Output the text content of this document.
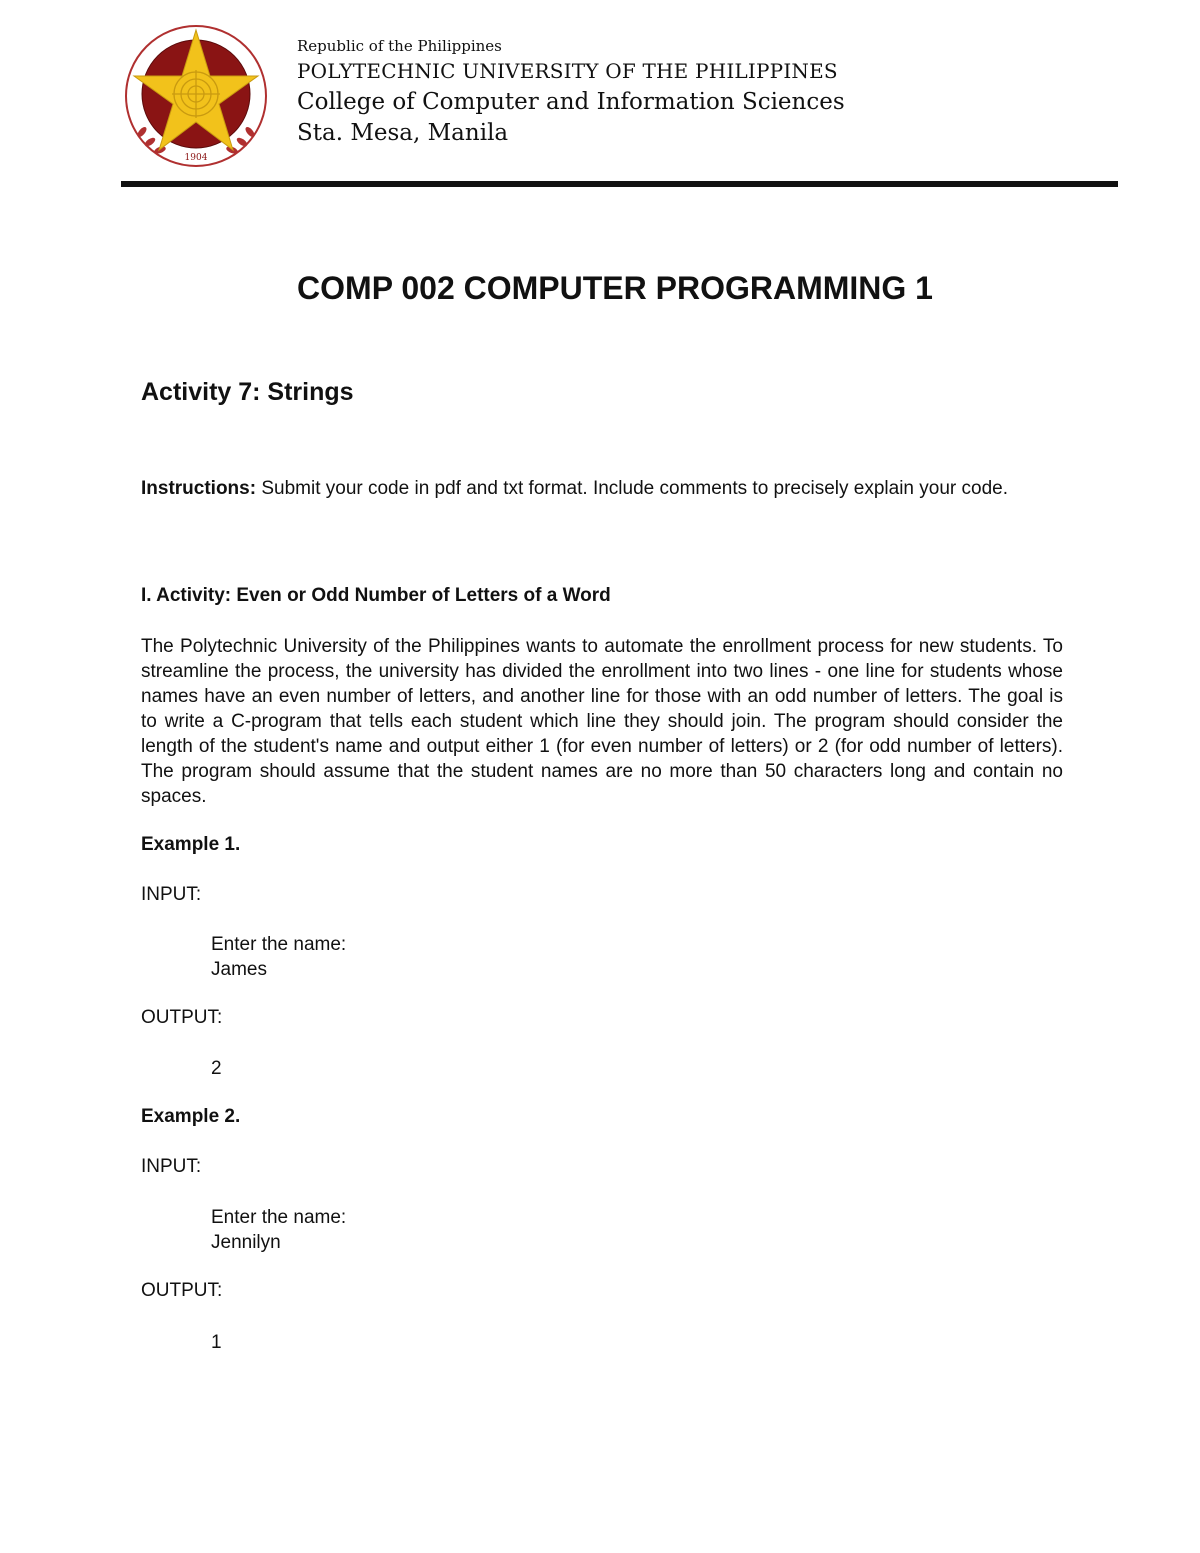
1904
Republic of the Philippines
POLYTECHNIC UNIVERSITY OF THE PHILIPPINES
College of Computer and Information Sciences
Sta. Mesa, Manila
COMP 002 COMPUTER PROGRAMMING 1
Activity 7: Strings
Instructions: Submit your code in pdf and txt format. Include comments to precisely explain your code.
I. Activity: Even or Odd Number of Letters of a Word
The Polytechnic University of the Philippines wants to automate the enrollment process for new students. To streamline the process, the university has divided the enrollment into two lines - one line for students whose names have an even number of letters, and another line for those with an odd number of letters. The goal is to write a C-program that tells each student which line they should join. The program should consider the length of the student's name and output either 1 (for even number of letters) or 2 (for odd number of letters). The program should assume that the student names are no more than 50 characters long and contain no spaces.
Example 1.
INPUT:
Enter the name:
James
OUTPUT:
2
Example 2.
INPUT:
Enter the name:
Jennilyn
OUTPUT:
1
